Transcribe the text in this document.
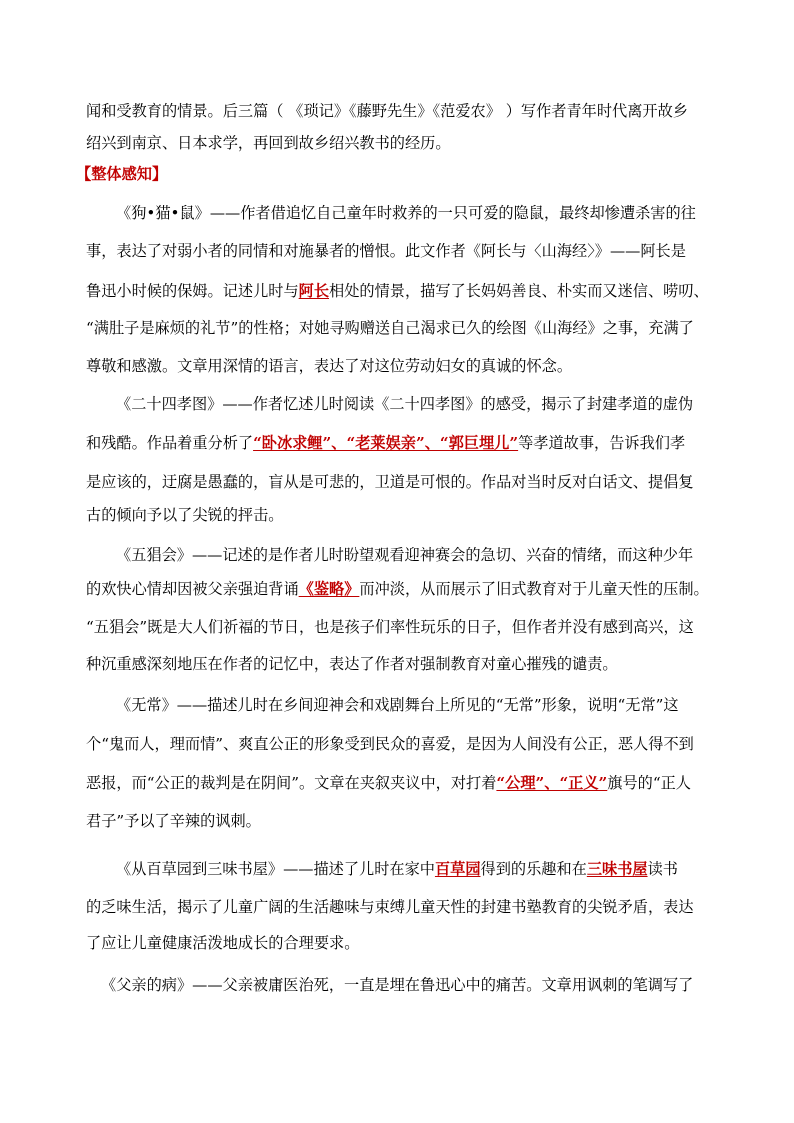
闻和受教育的情景。后三篇（ 《琐记》《藤野先生》《范爱农》 ）写作者青年时代离开故乡
绍兴到南京、日本求学，再回到故乡绍兴教书的经历。
【整体感知】
《狗•猫•鼠》——作者借追忆自己童年时救养的一只可爱的隐鼠，最终却惨遭杀害的往
事，表达了对弱小者的同情和对施暴者的憎恨。此文作者《阿长与〈山海经〉》——阿长是
鲁迅小时候的保姆。记述儿时与阿长相处的情景，描写了长妈妈善良、朴实而又迷信、唠叨、
“满肚子是麻烦的礼节”的性格；对她寻购赠送自己渴求已久的绘图《山海经》之事，充满了
尊敬和感激。文章用深情的语言，表达了对这位劳动妇女的真诚的怀念。
《二十四孝图》——作者忆述儿时阅读《二十四孝图》的感受，揭示了封建孝道的虚伪
和残酷。作品着重分析了“卧冰求鲤”、“老莱娱亲”、“郭巨埋儿”等孝道故事，告诉我们孝
是应该的，迂腐是愚蠢的，盲从是可悲的，卫道是可恨的。作品对当时反对白话文、提倡复
古的倾向予以了尖锐的抨击。
《五猖会》——记述的是作者儿时盼望观看迎神赛会的急切、兴奋的情绪，而这种少年
的欢快心情却因被父亲强迫背诵《鉴略》而冲淡，从而展示了旧式教育对于儿童天性的压制。
“五猖会”既是大人们祈福的节日，也是孩子们率性玩乐的日子，但作者并没有感到高兴，这
种沉重感深刻地压在作者的记忆中，表达了作者对强制教育对童心摧残的谴责。
《无常》——描述儿时在乡间迎神会和戏剧舞台上所见的“无常”形象，说明“无常”这
个“鬼而人，理而情”、爽直公正的形象受到民众的喜爱，是因为人间没有公正，恶人得不到
恶报，而“公正的裁判是在阴间”。文章在夹叙夹议中，对打着“公理”、“正义”旗号的“正人
君子”予以了辛辣的讽刺。
《从百草园到三味书屋》——描述了儿时在家中百草园得到的乐趣和在三味书屋读书
的乏味生活，揭示了儿童广阔的生活趣味与束缚儿童天性的封建书塾教育的尖锐矛盾，表达
了应让儿童健康活泼地成长的合理要求。
《父亲的病》——父亲被庸医治死，一直是埋在鲁迅心中的痛苦。文章用讽刺的笔调写了
